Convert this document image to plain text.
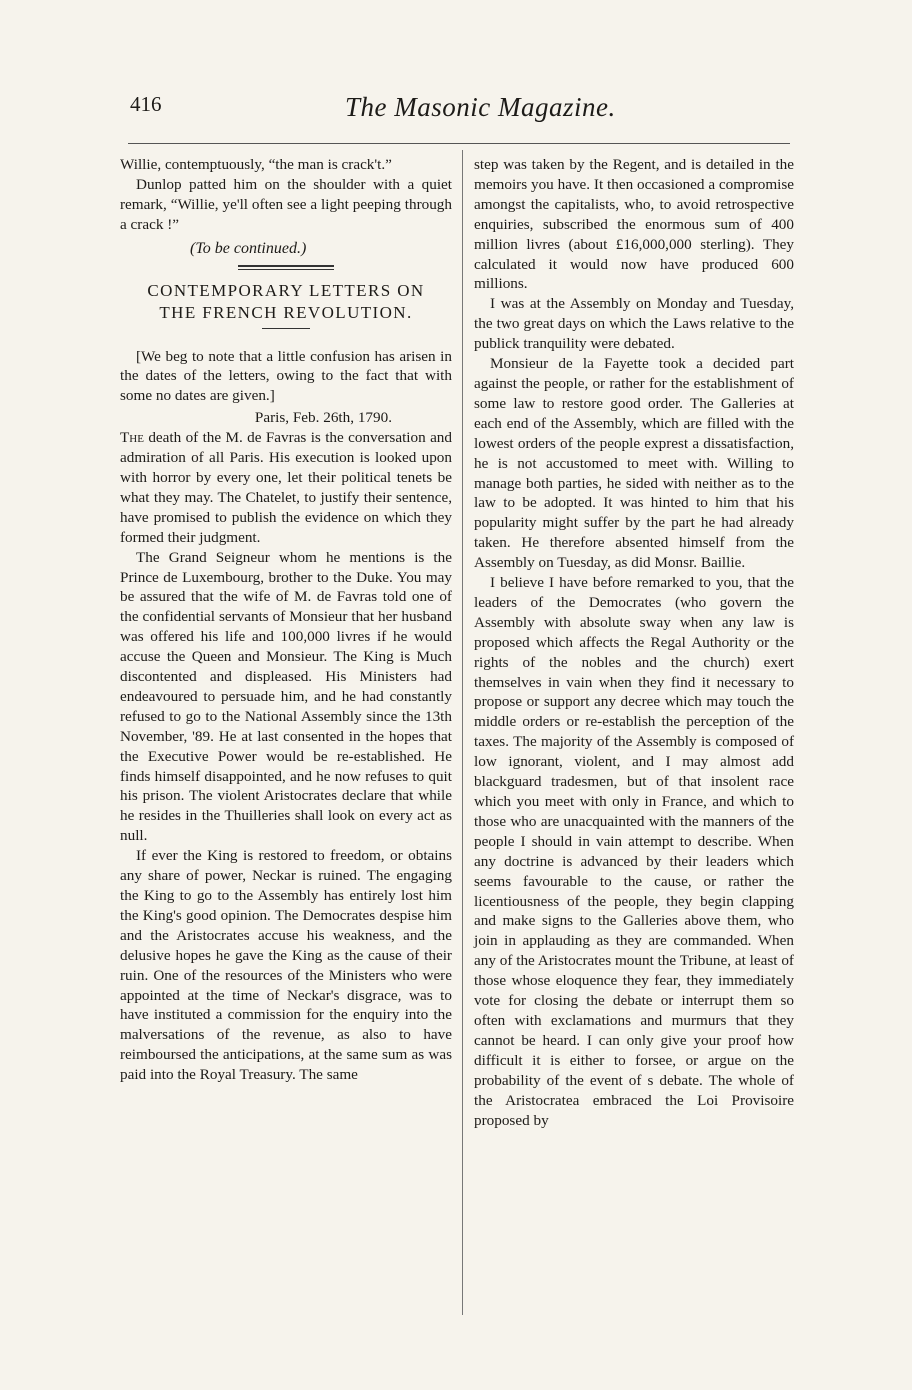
416	The Masonic Magazine.

Willie, contemptuously, “the man is crack't.”

Dunlop patted him on the shoulder with a quiet remark, “Willie, ye'll often see a light peeping through a crack !”

(To be continued.)

CONTEMPORARY LETTERS ON
THE FRENCH REVOLUTION.

[We beg to note that a little confusion has arisen in the dates of the letters, owing to the fact that with some no dates are given.]

Paris, Feb. 26th, 1790.

The death of the M. de Favras is the conversation and admiration of all Paris. His execution is looked upon with horror by every one, let their political tenets be what they may. The Chatelet, to justify their sentence, have promised to publish the evidence on which they formed their judgment.

The Grand Seigneur whom he mentions is the Prince de Luxembourg, brother to the Duke. You may be assured that the wife of M. de Favras told one of the confidential servants of Monsieur that her husband was offered his life and 100,000 livres if he would accuse the Queen and Monsieur. The King is Much discontented and displeased. His Ministers had endeavoured to persuade him, and he had constantly refused to go to the National Assembly since the 13th November, '89. He at last consented in the hopes that the Executive Power would be re-established. He finds himself disappointed, and he now refuses to quit his prison. The violent Aristocrates declare that while he resides in the Thuilleries shall look on every act as null.

If ever the King is restored to freedom, or obtains any share of power, Neckar is ruined. The engaging the King to go to the Assembly has entirely lost him the King's good opinion. The Democrates despise him and the Aristocrates accuse his weakness, and the delusive hopes he gave the King as the cause of their ruin. One of the resources of the Ministers who were appointed at the time of Neckar's disgrace, was to have instituted a commission for the enquiry into the malversations of the revenue, as also to have reimboursed the anticipations, at the same sum as was paid into the Royal Treasury. The same

step was taken by the Regent, and is detailed in the memoirs you have. It then occasioned a compromise amongst the capitalists, who, to avoid retrospective enquiries, subscribed the enormous sum of 400 million livres (about £16,000,000 sterling). They calculated it would now have produced 600 millions.

I was at the Assembly on Monday and Tuesday, the two great days on which the Laws relative to the publick tranquility were debated.

Monsieur de la Fayette took a decided part against the people, or rather for the establishment of some law to restore good order. The Galleries at each end of the Assembly, which are filled with the lowest orders of the people exprest a dissatisfaction, he is not accustomed to meet with. Willing to manage both parties, he sided with neither as to the law to be adopted. It was hinted to him that his popularity might suffer by the part he had already taken. He therefore absented himself from the Assembly on Tuesday, as did Monsr. Baillie.

I believe I have before remarked to you, that the leaders of the Democrates (who govern the Assembly with absolute sway when any law is proposed which affects the Regal Authority or the rights of the nobles and the church) exert themselves in vain when they find it necessary to propose or support any decree which may touch the middle orders or re-establish the perception of the taxes. The majority of the Assembly is composed of low ignorant, violent, and I may almost add blackguard tradesmen, but of that insolent race which you meet with only in France, and which to those who are unacquainted with the manners of the people I should in vain attempt to describe. When any doctrine is advanced by their leaders which seems favourable to the cause, or rather the licentiousness of the people, they begin clapping and make signs to the Galleries above them, who join in applauding as they are commanded. When any of the Aristocrates mount the Tribune, at least of those whose eloquence they fear, they immediately vote for closing the debate or interrupt them so often with exclamations and murmurs that they cannot be heard. I can only give your proof how difficult it is either to forsee, or argue on the probability of the event of s debate. The whole of the Aristocratea embraced the Loi Provisoire proposed by
